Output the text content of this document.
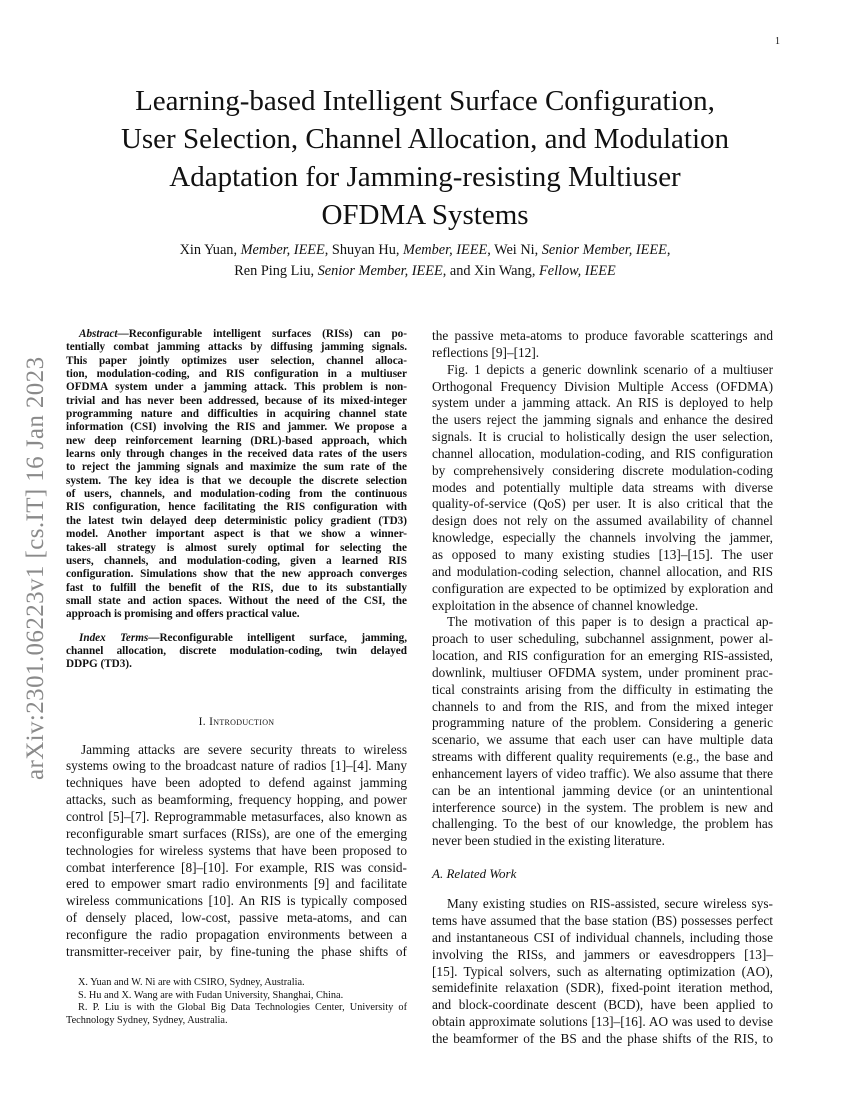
1
arXiv:2301.06223v1 [cs.IT] 16 Jan 2023
Learning-based Intelligent Surface Configuration,
User Selection, Channel Allocation, and Modulation
Adaptation for Jamming-resisting Multiuser
OFDMA Systems
Xin Yuan, Member, IEEE, Shuyan Hu, Member, IEEE, Wei Ni, Senior Member, IEEE,
Ren Ping Liu, Senior Member, IEEE, and Xin Wang, Fellow, IEEE
Abstract—Reconfigurable intelligent surfaces (RISs) can po-
tentially combat jamming attacks by diffusing jamming signals.
This paper jointly optimizes user selection, channel alloca-
tion, modulation-coding, and RIS configuration in a multiuser
OFDMA system under a jamming attack. This problem is non-
trivial and has never been addressed, because of its mixed-integer
programming nature and difficulties in acquiring channel state
information (CSI) involving the RIS and jammer. We propose a
new deep reinforcement learning (DRL)-based approach, which
learns only through changes in the received data rates of the users
to reject the jamming signals and maximize the sum rate of the
system. The key idea is that we decouple the discrete selection
of users, channels, and modulation-coding from the continuous
RIS configuration, hence facilitating the RIS configuration with
the latest twin delayed deep deterministic policy gradient (TD3)
model. Another important aspect is that we show a winner-
takes-all strategy is almost surely optimal for selecting the
users, channels, and modulation-coding, given a learned RIS
configuration. Simulations show that the new approach converges
fast to fulfill the benefit of the RIS, due to its substantially
small state and action spaces. Without the need of the CSI, the
approach is promising and offers practical value.
Index Terms—Reconfigurable intelligent surface, jamming,
channel allocation, discrete modulation-coding, twin delayed
DDPG (TD3).
I. Introduction
Jamming attacks are severe security threats to wireless
systems owing to the broadcast nature of radios [1]–[4]. Many
techniques have been adopted to defend against jamming
attacks, such as beamforming, frequency hopping, and power
control [5]–[7]. Reprogrammable metasurfaces, also known as
reconfigurable smart surfaces (RISs), are one of the emerging
technologies for wireless systems that have been proposed to
combat interference [8]–[10]. For example, RIS was consid-
ered to empower smart radio environments [9] and facilitate
wireless communications [10]. An RIS is typically composed
of densely placed, low-cost, passive meta-atoms, and can
reconfigure the radio propagation environments between a
transmitter-receiver pair, by fine-tuning the phase shifts of
X. Yuan and W. Ni are with CSIRO, Sydney, Australia.
S. Hu and X. Wang are with Fudan University, Shanghai, China.
R. P. Liu is with the Global Big Data Technologies Center, University of
Technology Sydney, Sydney, Australia.
the passive meta-atoms to produce favorable scatterings and
reflections [9]–[12].
Fig. 1 depicts a generic downlink scenario of a multiuser
Orthogonal Frequency Division Multiple Access (OFDMA)
system under a jamming attack. An RIS is deployed to help
the users reject the jamming signals and enhance the desired
signals. It is crucial to holistically design the user selection,
channel allocation, modulation-coding, and RIS configuration
by comprehensively considering discrete modulation-coding
modes and potentially multiple data streams with diverse
quality-of-service (QoS) per user. It is also critical that the
design does not rely on the assumed availability of channel
knowledge, especially the channels involving the jammer,
as opposed to many existing studies [13]–[15]. The user
and modulation-coding selection, channel allocation, and RIS
configuration are expected to be optimized by exploration and
exploitation in the absence of channel knowledge.
The motivation of this paper is to design a practical ap-
proach to user scheduling, subchannel assignment, power al-
location, and RIS configuration for an emerging RIS-assisted,
downlink, multiuser OFDMA system, under prominent prac-
tical constraints arising from the difficulty in estimating the
channels to and from the RIS, and from the mixed integer
programming nature of the problem. Considering a generic
scenario, we assume that each user can have multiple data
streams with different quality requirements (e.g., the base and
enhancement layers of video traffic). We also assume that there
can be an intentional jamming device (or an unintentional
interference source) in the system. The problem is new and
challenging. To the best of our knowledge, the problem has
never been studied in the existing literature.
A. Related Work
Many existing studies on RIS-assisted, secure wireless sys-
tems have assumed that the base station (BS) possesses perfect
and instantaneous CSI of individual channels, including those
involving the RISs, and jammers or eavesdroppers [13]–
[15]. Typical solvers, such as alternating optimization (AO),
semidefinite relaxation (SDR), fixed-point iteration method,
and block-coordinate descent (BCD), have been applied to
obtain approximate solutions [13]–[16]. AO was used to devise
the beamformer of the BS and the phase shifts of the RIS, to
